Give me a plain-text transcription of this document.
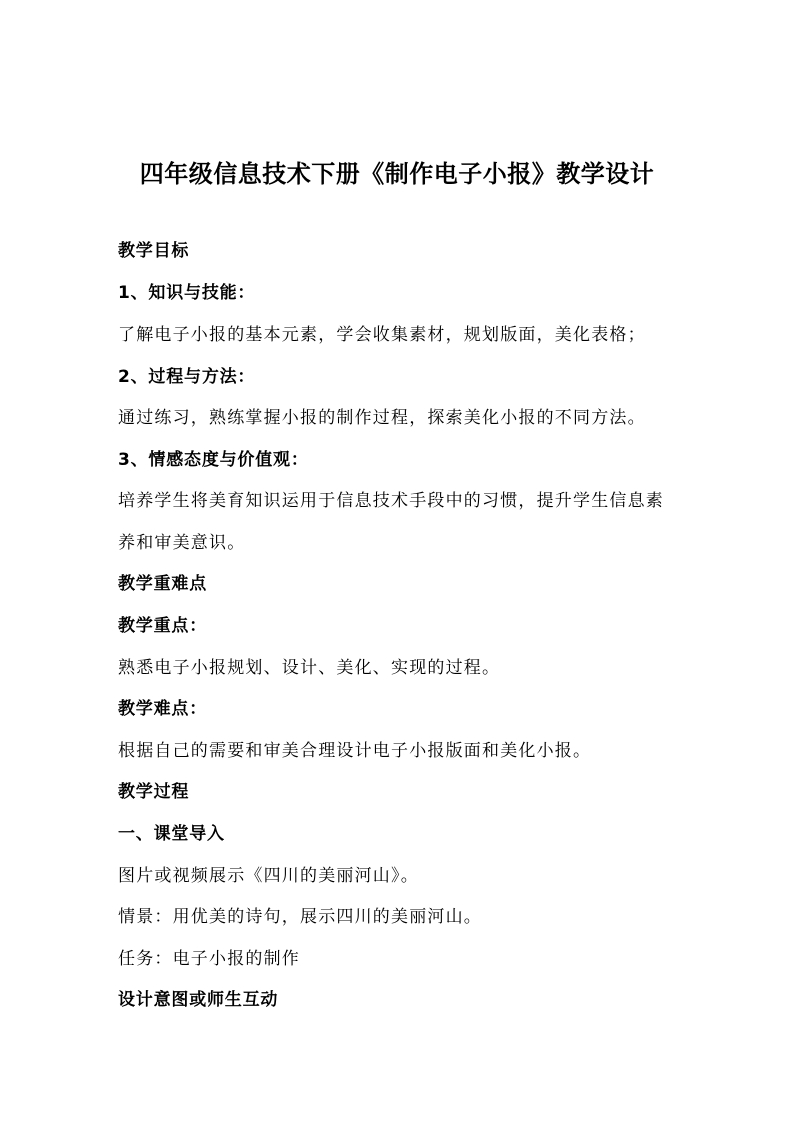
四年级信息技术下册《制作电子小报》教学设计
教学目标
1、知识与技能：
了解电子小报的基本元素，学会收集素材，规划版面，美化表格；
2、过程与方法：
通过练习，熟练掌握小报的制作过程，探索美化小报的不同方法。
3、情感态度与价值观：
培养学生将美育知识运用于信息技术手段中的习惯，提升学生信息素养和审美意识。
教学重难点
教学重点：
熟悉电子小报规划、设计、美化、实现的过程。
教学难点：
根据自己的需要和审美合理设计电子小报版面和美化小报。
教学过程
一、课堂导入
图片或视频展示《四川的美丽河山》。
情景：用优美的诗句，展示四川的美丽河山。
任务：电子小报的制作
设计意图或师生互动
